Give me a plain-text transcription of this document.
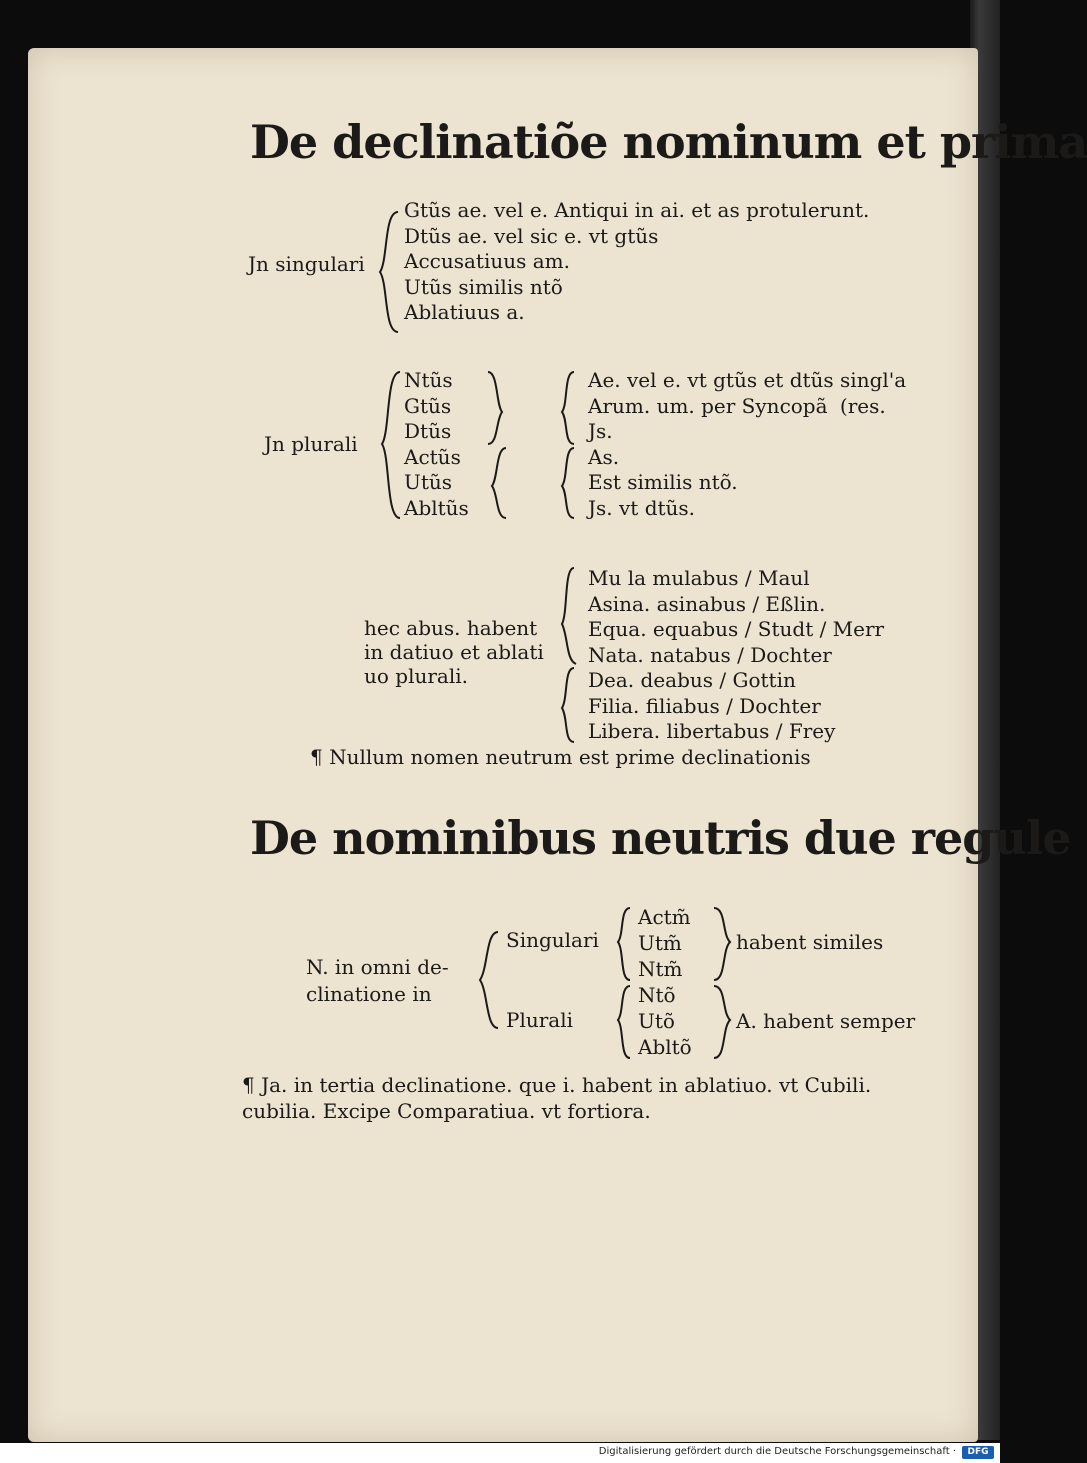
De declinatiõe nominum et prima
Jn singulari
Gtũs ae. vel e. Antiqui in ai. et as protulerunt.
Dtũs ae. vel sic e. vt gtũs
Accusatiuus am.
Utũs similis ntõ
Ablatiuus a.
Jn plurali
Ntũs
Gtũs
Dtũs
Actũs
Utũs
Abltũs
Ae. vel e. vt gtũs et dtũs singl'a
Arum. um. per Syncopã (res.
Js.
As.
Est similis ntõ.
Js. vt dtũs.
hec abus. habent
in datiuo et ablati
uo plurali.
Mu la mulabus / Maul
Asina. asinabus / Eßlin.
Equa. equabus / Studt / Merr
Nata. natabus / Dochter
Dea. deabus / Gottin
Filia. filiabus / Dochter
Libera. libertabus / Frey
¶ Nullum nomen neutrum est prime declinationis
De nominibus neutris due regule
N. in omni de-
clinatione in
Singulari
Plurali
Actm̃
Utm̃
Ntm̃
habent similes
Ntõ
Utõ
Abltõ
A. habent semper
¶ Ja. in tertia declinatione. que i. habent in ablatiuo. vt Cubili.
cubilia. Excipe Comparatiua. vt fortiora.
Digitalisierung gefördert durch die Deutsche Forschungsgemeinschaft ·	DFG
